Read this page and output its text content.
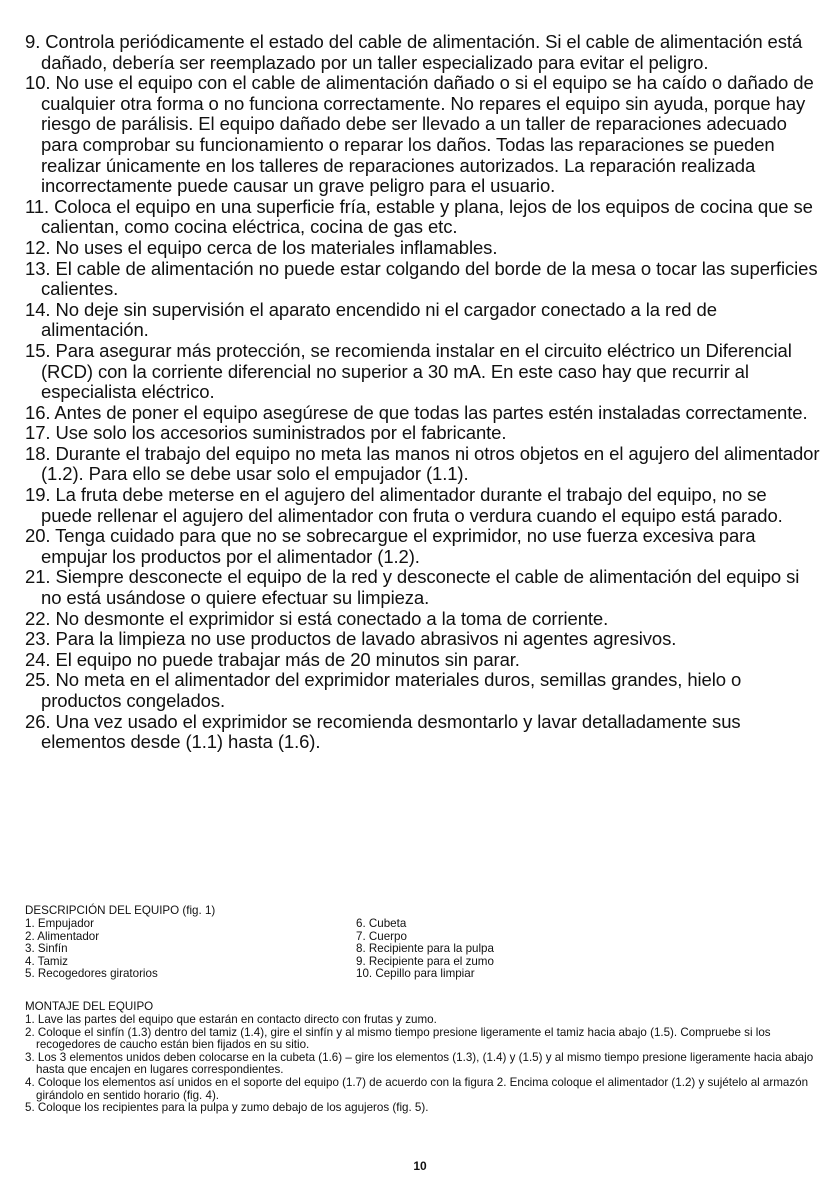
9. Controla periódicamente el estado del cable de alimentación. Si el cable de alimentación está dañado, debería ser reemplazado por un taller especializado para evitar el peligro.
10. No use el equipo con el cable de alimentación dañado o si el equipo se ha caído o dañado de cualquier otra forma o no funciona correctamente. No repares el equipo sin ayuda, porque hay riesgo de parálisis. El equipo dañado debe ser llevado a un taller de reparaciones adecuado para comprobar su funcionamiento o reparar los daños. Todas las reparaciones se pueden realizar únicamente en los talleres de reparaciones autorizados. La reparación realizada incorrectamente puede causar un grave peligro para el usuario.
11. Coloca el equipo en una superficie fría, estable y plana, lejos de los equipos de cocina que se calientan, como cocina eléctrica, cocina de gas etc.
12. No uses el equipo cerca de los materiales inflamables.
13. El cable de alimentación no puede estar colgando del borde de la mesa o tocar las superficies calientes.
14. No deje sin supervisión el aparato encendido ni el cargador conectado a la red de alimentación.
15. Para asegurar más protección, se recomienda instalar en el circuito eléctrico un Diferencial (RCD) con la corriente diferencial no superior a 30 mA. En este caso hay que recurrir al especialista eléctrico.
16. Antes de poner el equipo asegúrese de que todas las partes estén instaladas correctamente.
17. Use solo los accesorios suministrados por el fabricante.
18. Durante el trabajo del equipo no meta las manos ni otros objetos en el agujero del alimentador (1.2). Para ello se debe usar solo el empujador (1.1).
19. La fruta debe meterse en el agujero del alimentador durante el trabajo del equipo, no se puede rellenar el agujero del alimentador con fruta o verdura cuando el equipo está parado.
20. Tenga cuidado para que no se sobrecargue el exprimidor, no use fuerza excesiva para empujar los productos por el alimentador (1.2).
21. Siempre desconecte el equipo de la red y desconecte el cable de alimentación del equipo si no está usándose o quiere efectuar su limpieza.
22. No desmonte el exprimidor si está conectado a la toma de corriente.
23. Para la limpieza no use productos de lavado abrasivos ni agentes agresivos.
24. El equipo no puede trabajar más de 20 minutos sin parar.
25. No meta en el alimentador del exprimidor materiales duros, semillas grandes, hielo o productos congelados.
26. Una vez usado el exprimidor se recomienda desmontarlo y lavar detalladamente sus elementos desde (1.1) hasta (1.6).
DESCRIPCIÓN DEL EQUIPO (fig. 1)
1. Empujador
2. Alimentador
3. Sinfín
4. Tamiz
5. Recogedores giratorios
6. Cubeta
7. Cuerpo
8. Recipiente para la pulpa
9. Recipiente para el zumo
10. Cepillo para limpiar
MONTAJE DEL EQUIPO
1. Lave las partes del equipo que estarán en contacto directo con frutas y zumo.
2. Coloque el sinfín (1.3) dentro del tamiz (1.4), gire el sinfín y al mismo tiempo presione ligeramente el tamiz hacia abajo (1.5). Compruebe si los recogedores de caucho están bien fijados en su sitio.
3. Los 3 elementos unidos deben colocarse en la cubeta (1.6) – gire los elementos (1.3), (1.4) y (1.5) y al mismo tiempo presione ligeramente hacia abajo hasta que encajen en lugares correspondientes.
4. Coloque los elementos así unidos en el soporte del equipo (1.7) de acuerdo con la figura 2. Encima coloque el alimentador (1.2) y sujételo al armazón girándolo en sentido horario (fig. 4).
5. Coloque los recipientes para la pulpa y zumo debajo de los agujeros (fig. 5).
10
